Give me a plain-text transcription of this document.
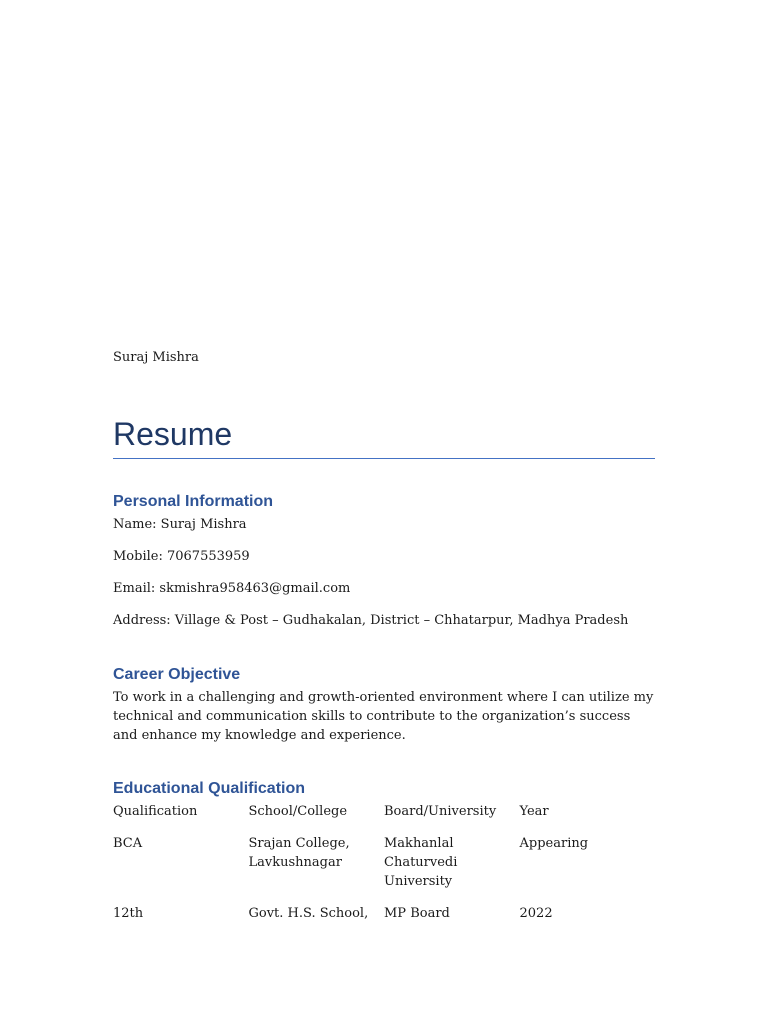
Suraj Mishra
Resume
Personal Information

Name: Suraj Mishra

Mobile: 7067553959

Email: skmishra958463@gmail.com

Address: Village & Post – Gudhakalan, District – Chhatarpur, Madhya Pradesh

Career Objective

To work in a challenging and growth-oriented environment where I can utilize my technical and communication skills to contribute to the organization’s success and enhance my knowledge and experience.

Educational Qualification
Qualification	School/College	Board/University	Year
BCA	Srajan College, Lavkushnagar	Makhanlal Chaturvedi University	Appearing
12th	Govt. H.S. School,	MP Board	2022
